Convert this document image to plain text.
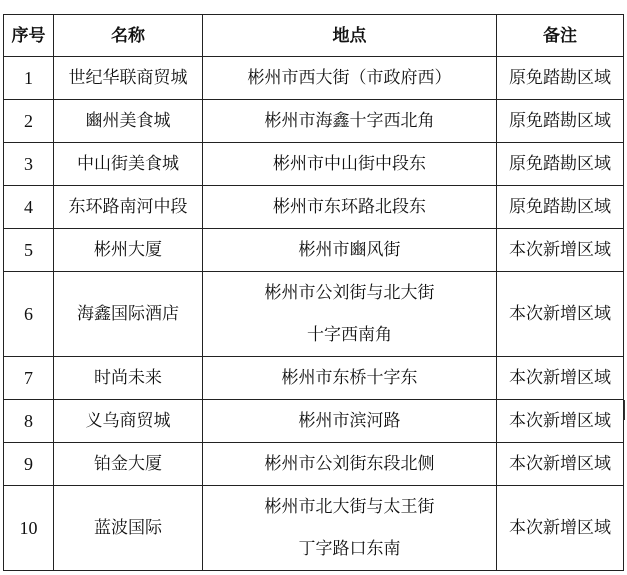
序号	名称	地点	备注
1	世纪华联商贸城	彬州市西大街（市政府西）	原免踏勘区域
2	豳州美食城	彬州市海鑫十字西北角	原免踏勘区域
3	中山街美食城	彬州市中山街中段东	原免踏勘区域
4	东环路南河中段	彬州市东环路北段东	原免踏勘区域
5	彬州大厦	彬州市豳风街	本次新增区域
6	海鑫国际酒店	彬州市公刘街与北大街
十字西南角	本次新增区域
7	时尚未来	彬州市东桥十字东	本次新增区域
8	义乌商贸城	彬州市滨河路	本次新增区域
9	铂金大厦	彬州市公刘街东段北侧	本次新增区域
10	蓝波国际	彬州市北大街与太王街
丁字路口东南	本次新增区域
